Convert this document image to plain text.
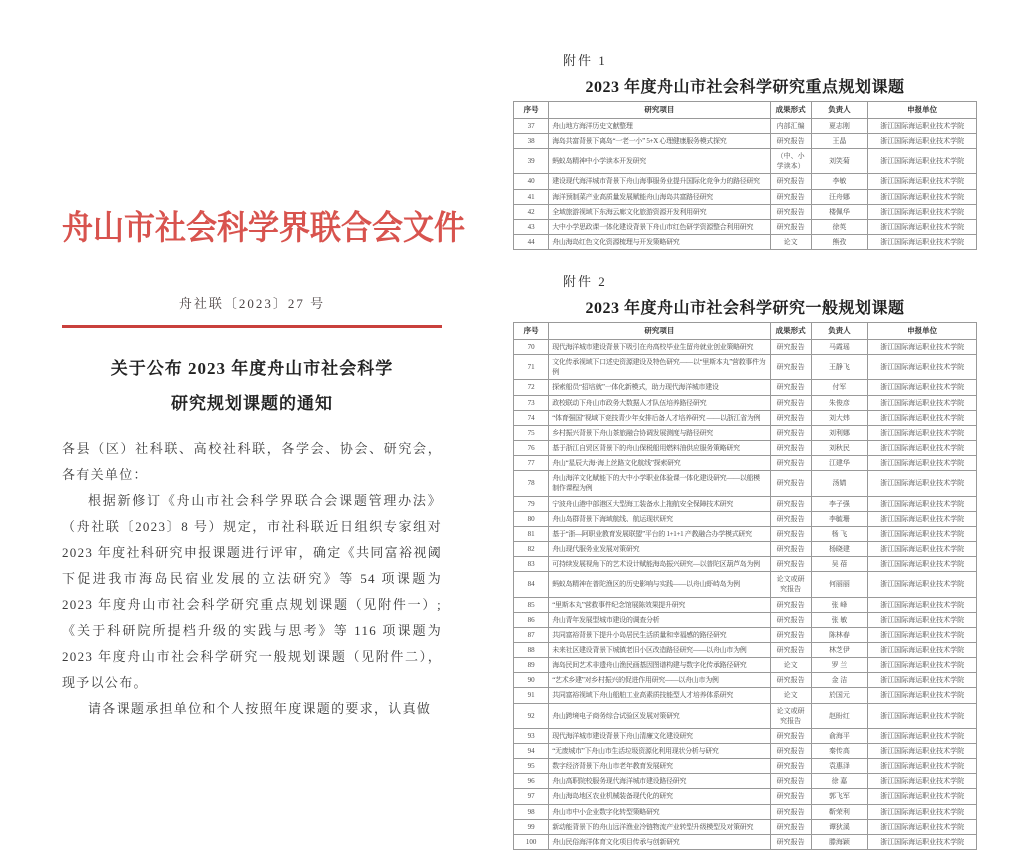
舟山市社会科学界联合会文件
舟社联〔2023〕27 号
关于公布 2023 年度舟山市社会科学
研究规划课题的通知

各县（区）社科联、高校社科联，各学会、协会、研究会，各有关单位：

根据新修订《舟山市社会科学界联合会课题管理办法》（舟社联〔2023〕8 号）规定，市社科联近日组织专家组对 2023 年度社科研究申报课题进行评审，确定《共同富裕视阈下促进我市海岛民宿业发展的立法研究》等 54 项课题为 2023 年度舟山市社会科学研究重点规划课题（见附件一）;《关于科研院所提档升级的实践与思考》等 116 项课题为 2023 年度舟山市社会科学研究一般规划课题（见附件二），现予以公布。

请各课题承担单位和个人按照年度课题的要求，认真做

附件 1
2023 年度舟山市社会科学研究重点规划课题
序号	研究项目	成果形式	负责人	申报单位
37	舟山地方海洋历史文献整理	内部汇编	夏志刚	浙江国际海运职业技术学院
38	海岛共富背景下离岛“一老一小” 5+X 心理健康服务模式探究	研究报告	王晶	浙江国际海运职业技术学院
39	蚂蚁岛精神中小学读本开发研究	（中、小学读本）	刘笑菊	浙江国际海运职业技术学院
40	建设现代海洋城市背景下舟山海事服务业提升国际化竞争力的路径研究	研究报告	李敏	浙江国际海运职业技术学院
41	海洋预制菜产业高质量发展赋能舟山海岛共富路径研究	研究报告	汪舟娜	浙江国际海运职业技术学院
42	全域旅游视域下东海云廊文化旅游资源开发利用研究	研究报告	楼佩华	浙江国际海运职业技术学院
43	大中小学思政课一体化建设背景下舟山市红色研学资源整合利用研究	研究报告	徐英	浙江国际海运职业技术学院
44	舟山海岛红色文化资源梳理与开发策略研究	论文	熊孜	浙江国际海运职业技术学院
附件 2
2023 年度舟山市社会科学研究一般规划课题
序号	研究项目	成果形式	负责人	申报单位
70	现代海洋城市建设背景下吸引在舟高校毕业生留舟就业创业策略研究	研究报告	马霞瑶	浙江国际海运职业技术学院
71	文化传承视域下口述史资源建设及特色研究——以“里斯本丸”营救事件为例	研究报告	王静飞	浙江国际海运职业技术学院
72	探索船员“招培就”一体化新模式，助力现代海洋城市建设	研究报告	付军	浙江国际海运职业技术学院
73	政校联动下舟山市政务大数据人才队伍培养路径研究	研究报告	朱俊彦	浙江国际海运职业技术学院
74	“体育强国”视域下竞技青少年女排后备人才培养研究 ——以浙江省为例	研究报告	刘大炜	浙江国际海运职业技术学院
75	乡村振兴背景下舟山茶旅融合协调发展测度与路径研究	研究报告	刘利娜	浙江国际海运职业技术学院
76	基于浙江自贸区背景下的舟山保税船用燃料油供应服务策略研究	研究报告	刘秋民	浙江国际海运职业技术学院
77	舟山“星辰大海·海上丝路文化航线”探索研究	研究报告	江建华	浙江国际海运职业技术学院
78	舟山海洋文化赋能下的大中小学职业体验课一体化建设研究——以船模制作课程为例	研究报告	汤婧	浙江国际海运职业技术学院
79	宁波舟山港中部港区大型海工装备水上拖航安全保障技术研究	研究报告	李子强	浙江国际海运职业技术学院
80	舟山岛群背景下海域航线、航运现状研究	研究报告	李毓珊	浙江国际海运职业技术学院
81	基于“浙—阿职业教育发展联盟”平台的 1+1+1 产教融合办学模式研究	研究报告	杨 飞	浙江国际海运职业技术学院
82	舟山现代服务业发展对策研究	研究报告	杨晓建	浙江国际海运职业技术学院
83	可持续发展视角下的艺术设计赋能海岛振兴研究—以普陀区葫芦岛为例	研究报告	吴 蓓	浙江国际海运职业技术学院
84	蚂蚁岛精神在普陀渔区的历史影响与实践——以舟山虾峙岛为例	论文或研究报告	何丽丽	浙江国际海运职业技术学院
85	“里斯本丸”营救事件纪念馆展陈效果提升研究	研究报告	张 峰	浙江国际海运职业技术学院
86	舟山青年发展型城市建设的调查分析	研究报告	张 敏	浙江国际海运职业技术学院
87	共同富裕背景下提升小岛居民生活质量和幸福感的路径研究	研究报告	陈林春	浙江国际海运职业技术学院
88	未来社区建设背景下城镇老旧小区改造路径研究——以舟山市为例	研究报告	林芝伊	浙江国际海运职业技术学院
89	海岛民间艺术非遗舟山渔民画基因图谱构建与数字化传承路径研究	论文	罗 兰	浙江国际海运职业技术学院
90	“艺术乡建”对乡村振兴的促进作用研究——以舟山市为例	研究报告	金 洁	浙江国际海运职业技术学院
91	共同富裕视域下舟山船舶工业高素质技能型人才培养体系研究	论文	於国元	浙江国际海运职业技术学院
92	舟山跨境电子商务综合试验区发展对策研究	论文或研究报告	赵盼红	浙江国际海运职业技术学院
93	现代海洋城市建设背景下舟山清廉文化建设研究	研究报告	俞海平	浙江国际海运职业技术学院
94	“无废城市”下舟山市生活垃圾资源化利用现状分析与研究	研究报告	秦传高	浙江国际海运职业技术学院
95	数字经济背景下舟山市老年教育发展研究	研究报告	袁惠泽	浙江国际海运职业技术学院
96	舟山高职院校服务现代海洋城市建设路径研究	研究报告	徐 嘉	浙江国际海运职业技术学院
97	舟山海岛地区农业机械装备现代化的研究	研究报告	郭飞军	浙江国际海运职业技术学院
98	舟山市中小企业数字化转型策略研究	研究报告	靳荣利	浙江国际海运职业技术学院
99	新动能背景下的舟山远洋渔业冷链物流产业转型升级模型及对策研究	研究报告	谭狄溪	浙江国际海运职业技术学院
100	舟山民俗海洋体育文化项目传承与创新研究	研究报告	滕海颖	浙江国际海运职业技术学院
